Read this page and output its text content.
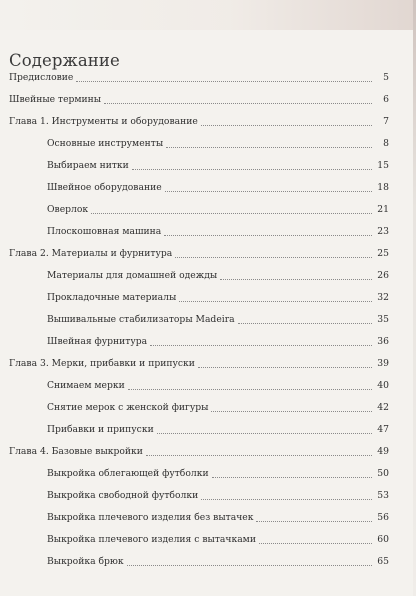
Содержание
Предисловие	5
Швейные термины	6
Глава 1. Инструменты и оборудование	7
Основные инструменты	8
Выбираем нитки	15
Швейное оборудование	18
Оверлок	21
Плоскошовная машина	23
Глава 2. Материалы и фурнитура	25
Материалы для домашней одежды	26
Прокладочные материалы	32
Вышивальные стабилизаторы Madeira	35
Швейная фурнитура	36
Глава 3. Мерки, прибавки и припуски	39
Снимаем мерки	40
Снятие мерок с женской фигуры	42
Прибавки и припуски	47
Глава 4. Базовые выкройки	49
Выкройка облегающей футболки	50
Выкройка свободной футболки	53
Выкройка плечевого изделия без вытачек	56
Выкройка плечевого изделия с вытачками	60
Выкройка брюк	65
